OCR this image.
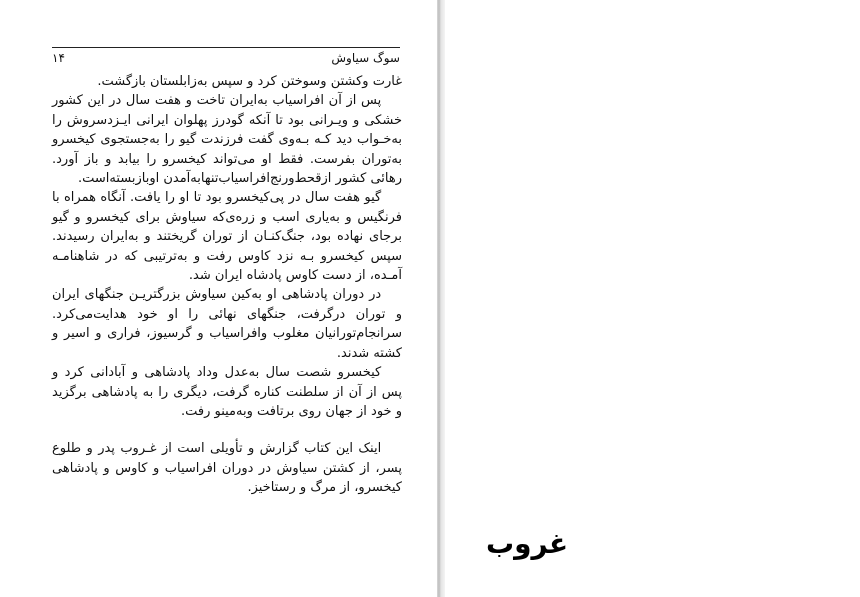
۱۴	سوگ سیاوش

غارت وکشتن وسوختن کرد و سپس به‌زابلستان بازگشت.

پس از آن افراسیاب به‌ایران تاخت و هفت سال در این کشور خشکی و ویـرانی بود تا آنکه گودرز پهلوان ایرانی ایـزدسروش را به‌خـواب دید کـه بـه‌وی گفت فرزندت گیو را به‌جستجوی کیخسرو به‌توران بفرست. فقط او می‌تواند کیخسرو را بیابد و باز آورد. رهائی کشور ازقحط‌ورنج‌افراسیاب‌تنهابه‌آمدن اوبازبسته‌است.

گیو هفت سال در پی‌کیخسرو بود تا او را یافت. آنگاه همراه با فرنگیس و به‌یاری اسب و زره‌ی‌که سیاوش برای کیخسرو و گیو برجای نهاده بود، جنگ‌کنـان از توران گریختند و به‌ایران رسیدند. سپس کیخسرو بـه نزد کاوس رفت و به‌ترتیبی که در شاهنامـه آمـده، از دست کاوس پادشاه ایران شد.

در دوران پادشاهی او به‌کین سیاوش بزرگتریـن جنگهای ایران و توران درگرفت، جنگهای نهائی را او خود هدایت‌می‌کرد. سرانجام‌تورانیان مغلوب وافراسیاب و گرسیوز، فراری و اسیر و کشته شدند.

کیخسرو شصت سال به‌عدل وداد پادشاهی و آبادانی کرد و پس از آن از سلطنت کناره گرفت، دیگری را به پادشاهی برگزید و خود از جهان روی برتافت وبه‌مینو رفت.

اینک این کتاب گزارش و تأویلی است از غـروب پدر و طلوع پسر، از کشتن سیاوش در دوران افراسیاب و کاوس و پادشاهی کیخسرو، از مرگ و رستاخیز.

غروب
